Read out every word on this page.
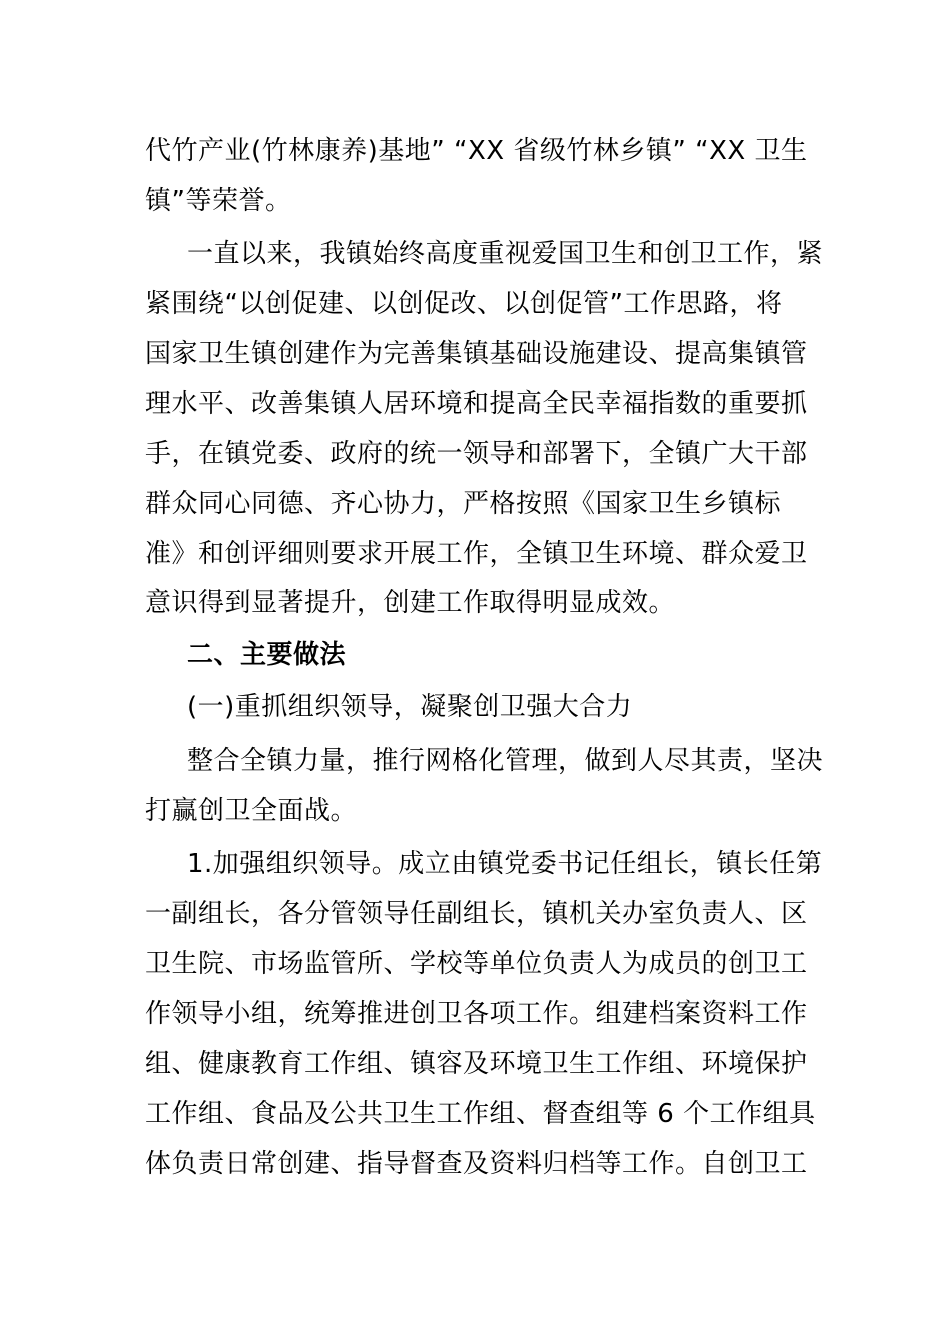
代竹产业(竹林康养)基地” “XX 省级竹林乡镇” “XX 卫生
镇”等荣誉。
一直以来，我镇始终高度重视爱国卫生和创卫工作，紧
紧围绕“以创促建、以创促改、以创促管”工作思路，将
国家卫生镇创建作为完善集镇基础设施建设、提高集镇管
理水平、改善集镇人居环境和提高全民幸福指数的重要抓
手，在镇党委、政府的统一领导和部署下，全镇广大干部
群众同心同德、齐心协力，严格按照《国家卫生乡镇标
准》和创评细则要求开展工作，全镇卫生环境、群众爱卫
意识得到显著提升，创建工作取得明显成效。
二、主要做法
(一)重抓组织领导，凝聚创卫强大合力
整合全镇力量，推行网格化管理，做到人尽其责，坚决
打赢创卫全面战。
1.加强组织领导。成立由镇党委书记任组长，镇长任第
一副组长，各分管领导任副组长，镇机关办室负责人、区
卫生院、市场监管所、学校等单位负责人为成员的创卫工
作领导小组，统筹推进创卫各项工作。组建档案资料工作
组、健康教育工作组、镇容及环境卫生工作组、环境保护
工作组、食品及公共卫生工作组、督查组等 6 个工作组具
体负责日常创建、指导督查及资料归档等工作。自创卫工
